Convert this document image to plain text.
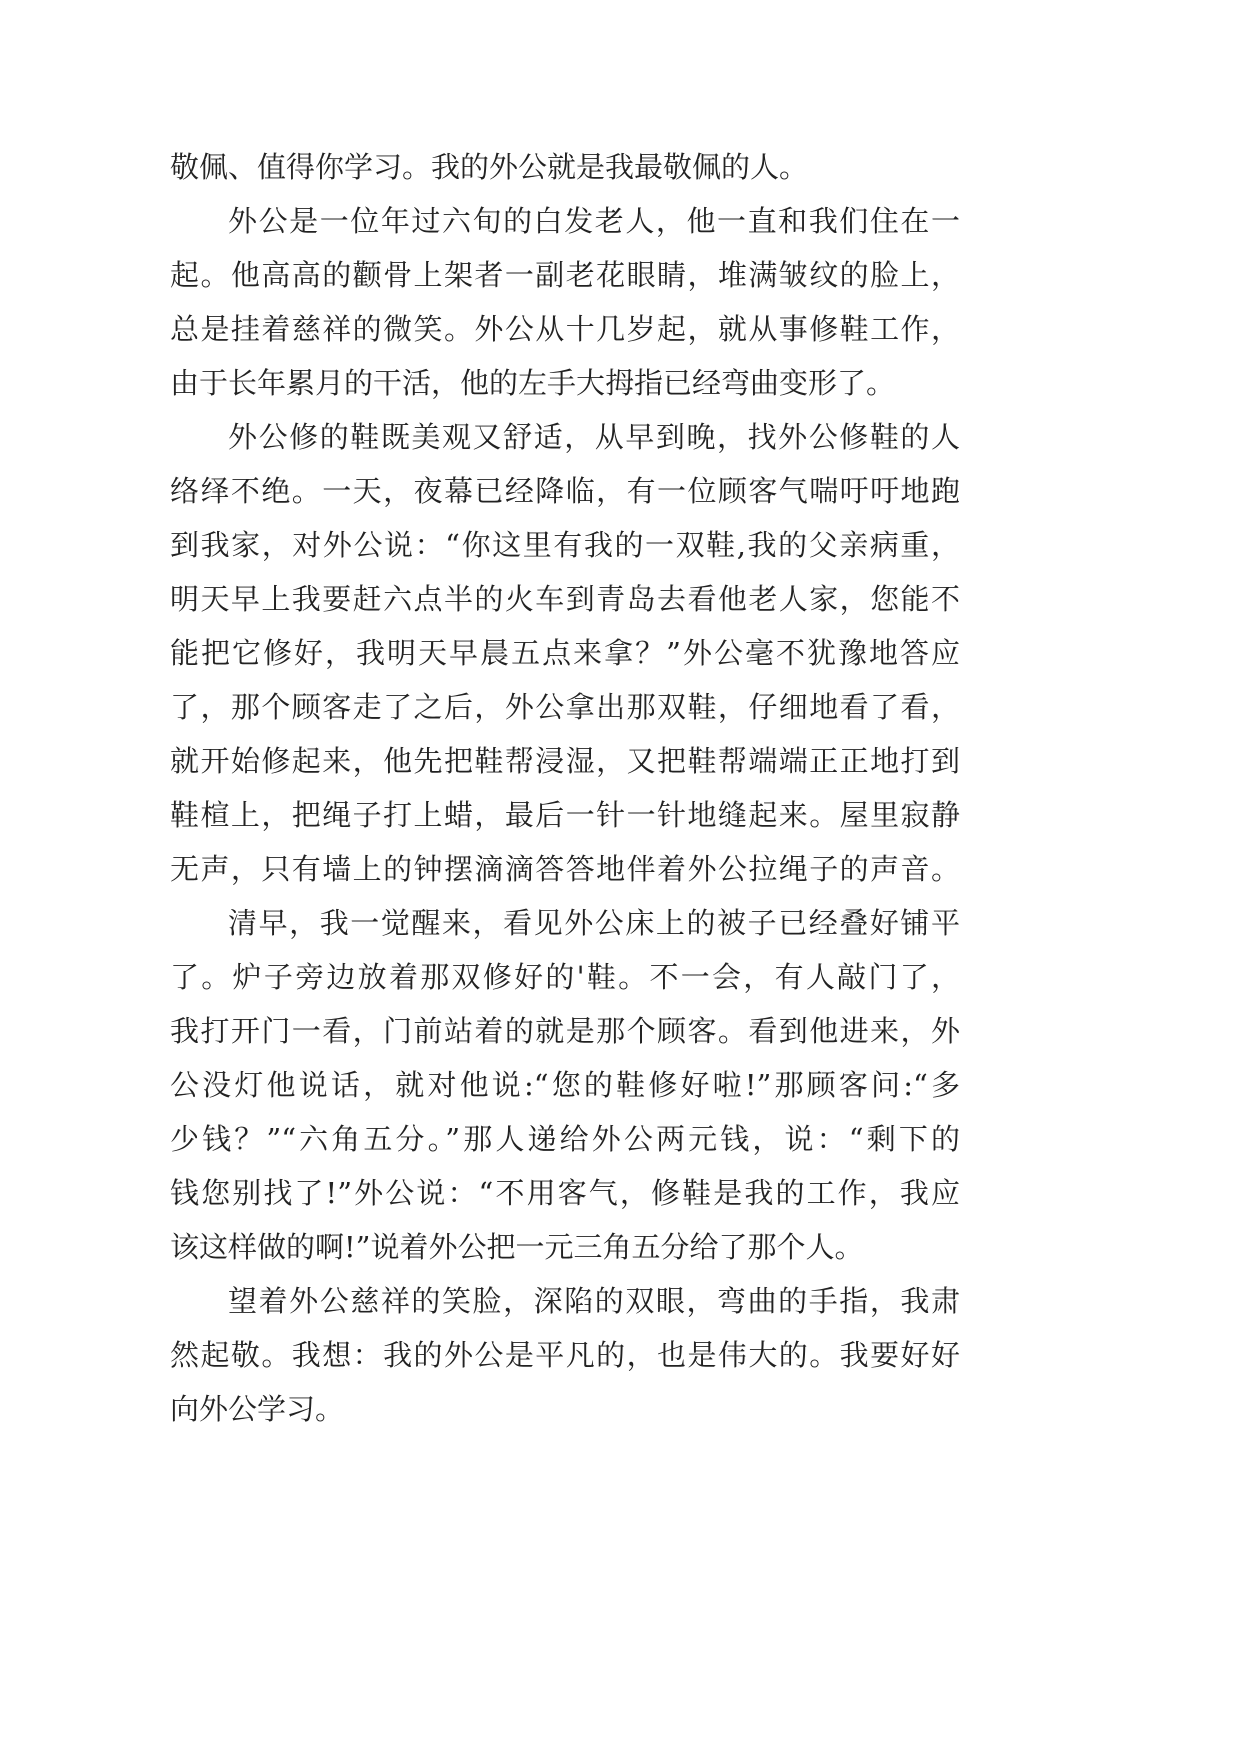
敬佩、值得你学习。我的外公就是我最敬佩的人。
外公是一位年过六旬的白发老人，他一直和我们住在一
起。他高高的颧骨上架者一副老花眼睛，堆满皱纹的脸上，
总是挂着慈祥的微笑。外公从十几岁起，就从事修鞋工作，
由于长年累月的干活，他的左手大拇指已经弯曲变形了。
外公修的鞋既美观又舒适，从早到晚，找外公修鞋的人
络绎不绝。一天，夜幕已经降临，有一位顾客气喘吁吁地跑
到我家，对外公说：“你这里有我的一双鞋,我的父亲病重，
明天早上我要赶六点半的火车到青岛去看他老人家，您能不
能把它修好，我明天早晨五点来拿？”外公毫不犹豫地答应
了，那个顾客走了之后，外公拿出那双鞋，仔细地看了看，
就开始修起来，他先把鞋帮浸湿，又把鞋帮端端正正地打到
鞋楦上，把绳子打上蜡，最后一针一针地缝起来。屋里寂静
无声，只有墙上的钟摆滴滴答答地伴着外公拉绳子的声音。
清早，我一觉醒来，看见外公床上的被子已经叠好铺平
了。炉子旁边放着那双修好的'鞋。不一会，有人敲门了，
我打开门一看，门前站着的就是那个顾客。看到他进来，外
公没灯他说话，就对他说:“您的鞋修好啦!”那顾客问:“多
少钱？”“六角五分。”那人递给外公两元钱，说：“剩下的
钱您别找了!”外公说：“不用客气，修鞋是我的工作，我应
该这样做的啊!”说着外公把一元三角五分给了那个人。
望着外公慈祥的笑脸，深陷的双眼，弯曲的手指，我肃
然起敬。我想：我的外公是平凡的，也是伟大的。我要好好
向外公学习。
